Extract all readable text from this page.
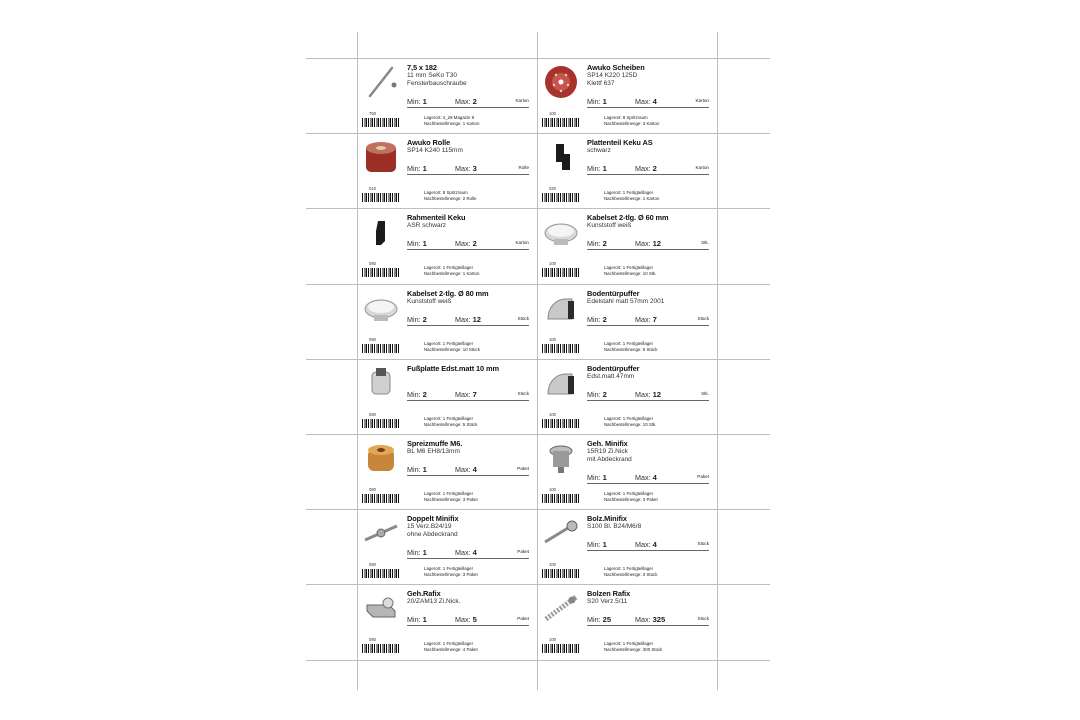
7,5 x 182
11 mm SeKo T30
Fensterbauschraube
Min: 1	Max: 2	Karton
Lagerort: 4_28 Magazin 9
Nachbestellmenge: 1 Karton
750
Awuko Scheiben
SP14 K220 125D
Klettf 637
Min: 1	Max: 4	Karton
Lagerort: 8 Spritzraum
Nachbestellmenge: 3 Karton
100
Awuko Rolle
SP14 K240 115mm
Min: 1	Max: 3	Rolle
Lagerort: 8 Spritzraum
Nachbestellmenge: 2 Rolle
010
Plattenteil Keku AS
schwarz
Min: 1	Max: 2	Karton
Lagerort: 1 Fertigteillager
Nachbestellmenge: 1 Karton
020
Rahmenteil Keku
ASR schwarz
Min: 1	Max: 2	Karton
Lagerort: 1 Fertigteillager
Nachbestellmenge: 1 Karton
080
Kabelset 2-tlg. Ø 60 mm
Kunststoff weiß
Min: 2	Max: 12	Stk.
Lagerort: 1 Fertigteillager
Nachbestellmenge: 10 Stk.
100
Kabelset 2-tlg. Ø 80 mm
Kunststoff weiß
Min: 2	Max: 12	Stück
Lagerort: 1 Fertigteillager
Nachbestellmenge: 10 Stück
080
Bodentürpuffer
Edelstahl matt 57mm 2001
Min: 2	Max: 7	Stück
Lagerort: 1 Fertigteillager
Nachbestellmenge: 5 Stück
100
Fußplatte Edst.matt 10 mm
Min: 2	Max: 7	Stück
Lagerort: 1 Fertigteillager
Nachbestellmenge: 5 Stück
080
Bodentürpuffer
Edst.matt 47mm
Min: 2	Max: 12	Stk.
Lagerort: 1 Fertigteillager
Nachbestellmenge: 10 Stk.
100
Spreizmuffe M6.
BL M6 EH8/13mm
Min: 1	Max: 4	Paket
Lagerort: 1 Fertigteillager
Nachbestellmenge: 3 Paket
080
Geh. Minifix
15R19 Zi.Nick
mit Abdeckrand
Min: 1	Max: 4	Paket
Lagerort: 1 Fertigteillager
Nachbestellmenge: 3 Paket
100
Doppelt Minifix
15 Verz.B24/19
ohne Abdeckrand
Min: 1	Max: 4	Paket
Lagerort: 1 Fertigteillager
Nachbestellmenge: 3 Paket
080
Bolz.Minifix
S100 Bl. B24/M6/8
Min: 1	Max: 4	Stück
Lagerort: 1 Fertigteillager
Nachbestellmenge: 3 Stück
100
Geh.Rafix
20/ZAM13 Zi.Nick.
Min: 1	Max: 5	Paket
Lagerort: 1 Fertigteillager
Nachbestellmenge: 4 Paket
080
Bolzen Rafix
S20 Verz.5/11
Min: 25	Max: 325	Stück
Lagerort: 1 Fertigteillager
Nachbestellmenge: 300 Stück
100
